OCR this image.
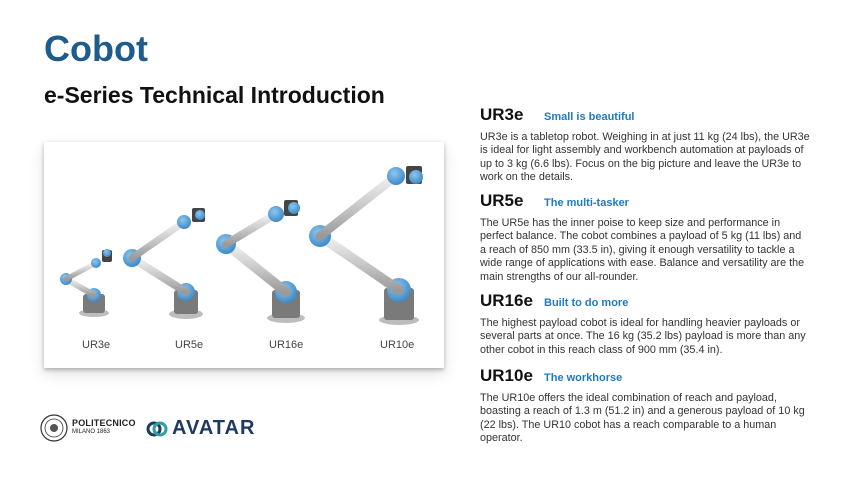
Cobot
e-Series Technical Introduction
UR3e	UR5e	UR16e	UR10e
UR3e	Small is beautiful
UR3e is a tabletop robot. Weighing in at just 11 kg (24 lbs), the UR3e is ideal for light assembly and workbench automation at payloads of up to 3 kg (6.6 lbs). Focus on the big picture and leave the UR3e to work on the details.
UR5e	The multi-tasker
The UR5e has the inner poise to keep size and performance in perfect balance. The cobot combines a payload of 5 kg (11 lbs) and a reach of 850 mm (33.5 in), giving it enough versatility to tackle a wide range of applications with ease. Balance and versatility are the main strengths of our all-rounder.
UR16e	Built to do more
The highest payload cobot is ideal for handling heavier payloads or several parts at once. The 16 kg (35.2 lbs) payload is more than any other cobot in this reach class of 900 mm (35.4 in).
UR10e	The workhorse
The UR10e offers the ideal combination of reach and payload, boasting a reach of 1.3 m (51.2 in) and a generous payload of 10 kg (22 lbs). The UR10 cobot has a reach comparable to a human operator.
POLITECNICO
MILANO 1863	AVATAR
